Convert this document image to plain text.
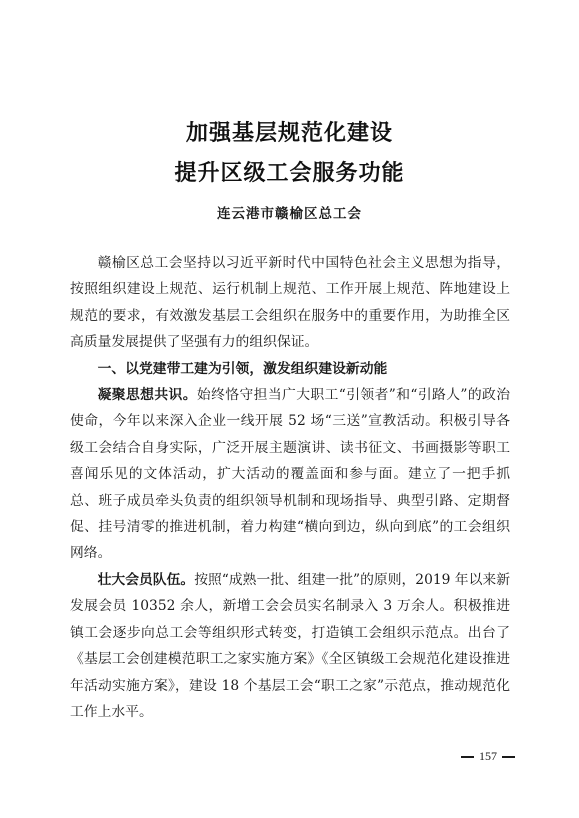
加强基层规范化建设
提升区级工会服务功能
连云港市赣榆区总工会

赣榆区总工会坚持以习近平新时代中国特色社会主义思想为指导，按照组织建设上规范、运行机制上规范、工作开展上规范、阵地建设上规范的要求，有效激发基层工会组织在服务中的重要作用，为助推全区高质量发展提供了坚强有力的组织保证。

一、以党建带工建为引领，激发组织建设新动能

凝聚思想共识。始终恪守担当广大职工“引领者”和“引路人”的政治使命，今年以来深入企业一线开展 52 场“三送”宣教活动。积极引导各级工会结合自身实际，广泛开展主题演讲、读书征文、书画摄影等职工喜闻乐见的文体活动，扩大活动的覆盖面和参与面。建立了一把手抓总、班子成员牵头负责的组织领导机制和现场指导、典型引路、定期督促、挂号清零的推进机制，着力构建“横向到边，纵向到底”的工会组织网络。

壮大会员队伍。按照“成熟一批、组建一批”的原则，2019 年以来新发展会员 10352 余人，新增工会会员实名制录入 3 万余人。积极推进镇工会逐步向总工会等组织形式转变，打造镇工会组织示范点。出台了《基层工会创建模范职工之家实施方案》《全区镇级工会规范化建设推进年活动实施方案》，建设 18 个基层工会“职工之家”示范点，推动规范化工作上水平。

157
